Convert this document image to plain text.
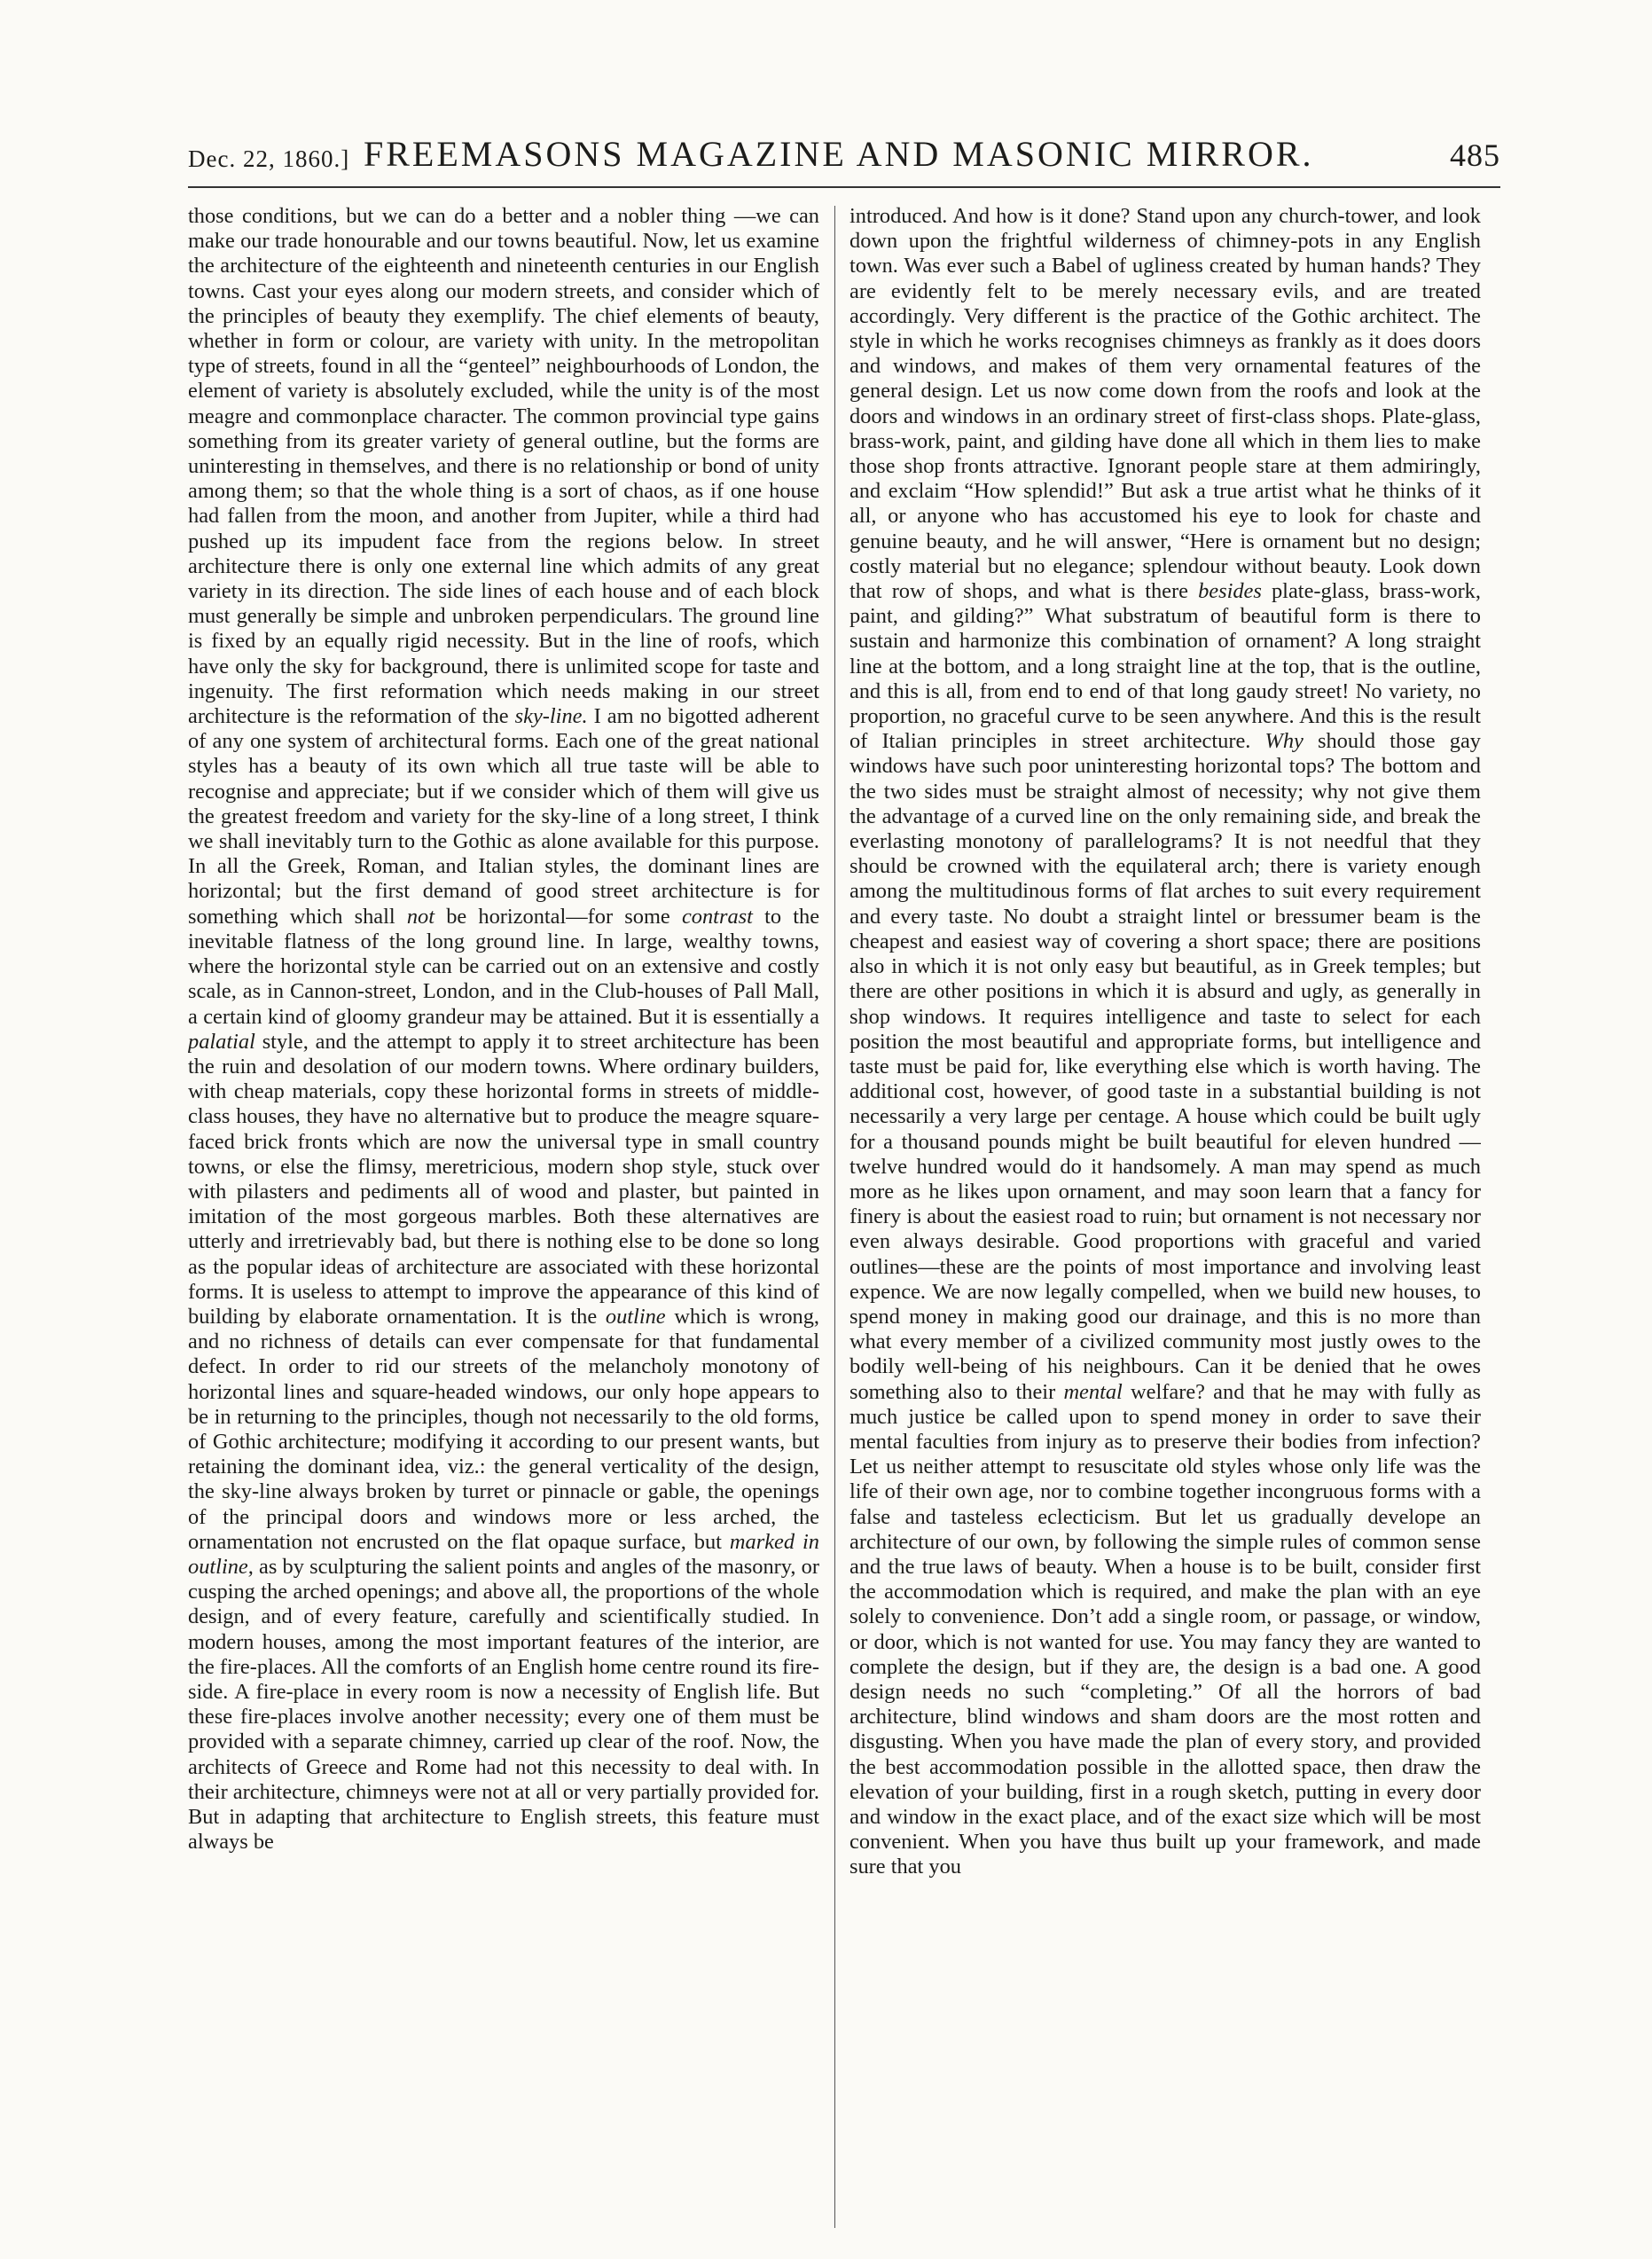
Dec. 22, 1860.] FREEMASONS MAGAZINE AND MASONIC MIRROR.	485

those conditions, but we can do a better and a nobler thing —we can make our trade honourable and our towns beautiful. Now, let us examine the architecture of the eighteenth and nineteenth centuries in our English towns. Cast your eyes along our modern streets, and consider which of the principles of beauty they exemplify. The chief elements of beauty, whether in form or colour, are variety with unity. In the metropolitan type of streets, found in all the “genteel” neighbourhoods of London, the element of variety is absolutely excluded, while the unity is of the most meagre and commonplace character. The common provincial type gains something from its greater variety of general outline, but the forms are uninteresting in themselves, and there is no relationship or bond of unity among them; so that the whole thing is a sort of chaos, as if one house had fallen from the moon, and another from Jupiter, while a third had pushed up its impudent face from the regions below. In street architecture there is only one external line which admits of any great variety in its direction. The side lines of each house and of each block must generally be simple and unbroken perpendiculars. The ground line is fixed by an equally rigid necessity. But in the line of roofs, which have only the sky for background, there is unlimited scope for taste and ingenuity. The first reformation which needs making in our street architecture is the reformation of the sky-line. I am no bigotted adherent of any one system of architectural forms. Each one of the great national styles has a beauty of its own which all true taste will be able to recognise and appreciate; but if we consider which of them will give us the greatest freedom and variety for the sky-line of a long street, I think we shall inevitably turn to the Gothic as alone available for this purpose. In all the Greek, Roman, and Italian styles, the dominant lines are horizontal; but the first demand of good street architecture is for something which shall not be horizontal—for some contrast to the inevitable flatness of the long ground line. In large, wealthy towns, where the horizontal style can be carried out on an extensive and costly scale, as in Cannon-street, London, and in the Club-houses of Pall Mall, a certain kind of gloomy grandeur may be attained. But it is essentially a palatial style, and the attempt to apply it to street architecture has been the ruin and desolation of our modern towns. Where ordinary builders, with cheap materials, copy these horizontal forms in streets of middle-class houses, they have no alternative but to produce the meagre square-faced brick fronts which are now the universal type in small country towns, or else the flimsy, meretricious, modern shop style, stuck over with pilasters and pediments all of wood and plaster, but painted in imitation of the most gorgeous marbles. Both these alternatives are utterly and irretrievably bad, but there is nothing else to be done so long as the popular ideas of architecture are associated with these horizontal forms. It is useless to attempt to improve the appearance of this kind of building by elaborate ornamentation. It is the outline which is wrong, and no richness of details can ever compensate for that fundamental defect. In order to rid our streets of the melancholy monotony of horizontal lines and square-headed windows, our only hope appears to be in returning to the principles, though not necessarily to the old forms, of Gothic architecture; modifying it according to our present wants, but retaining the dominant idea, viz.: the general verticality of the design, the sky-line always broken by turret or pinnacle or gable, the openings of the principal doors and windows more or less arched, the ornamentation not encrusted on the flat opaque surface, but marked in outline, as by sculpturing the salient points and angles of the masonry, or cusping the arched openings; and above all, the proportions of the whole design, and of every feature, carefully and scientifically studied. In modern houses, among the most important features of the interior, are the fire-places. All the comforts of an English home centre round its fire-side. A fire-place in every room is now a necessity of English life. But these fire-places involve another necessity; every one of them must be provided with a separate chimney, carried up clear of the roof. Now, the architects of Greece and Rome had not this necessity to deal with. In their architecture, chimneys were not at all or very partially provided for. But in adapting that architecture to English streets, this feature must always be

introduced. And how is it done? Stand upon any church-tower, and look down upon the frightful wilderness of chimney-pots in any English town. Was ever such a Babel of ugliness created by human hands? They are evidently felt to be merely necessary evils, and are treated accordingly. Very different is the practice of the Gothic architect. The style in which he works recognises chimneys as frankly as it does doors and windows, and makes of them very ornamental features of the general design. Let us now come down from the roofs and look at the doors and windows in an ordinary street of first-class shops. Plate-glass, brass-work, paint, and gilding have done all which in them lies to make those shop fronts attractive. Ignorant people stare at them admiringly, and exclaim “How splendid!” But ask a true artist what he thinks of it all, or anyone who has accustomed his eye to look for chaste and genuine beauty, and he will answer, “Here is ornament but no design; costly material but no elegance; splendour without beauty. Look down that row of shops, and what is there besides plate-glass, brass-work, paint, and gilding?” What substratum of beautiful form is there to sustain and harmonize this combination of ornament? A long straight line at the bottom, and a long straight line at the top, that is the outline, and this is all, from end to end of that long gaudy street! No variety, no proportion, no graceful curve to be seen anywhere. And this is the result of Italian principles in street architecture. Why should those gay windows have such poor uninteresting horizontal tops? The bottom and the two sides must be straight almost of necessity; why not give them the advantage of a curved line on the only remaining side, and break the everlasting monotony of parallelograms? It is not needful that they should be crowned with the equilateral arch; there is variety enough among the multitudinous forms of flat arches to suit every requirement and every taste. No doubt a straight lintel or bressumer beam is the cheapest and easiest way of covering a short space; there are positions also in which it is not only easy but beautiful, as in Greek temples; but there are other positions in which it is absurd and ugly, as generally in shop windows. It requires intelligence and taste to select for each position the most beautiful and appropriate forms, but intelligence and taste must be paid for, like everything else which is worth having. The additional cost, however, of good taste in a substantial building is not necessarily a very large per centage. A house which could be built ugly for a thousand pounds might be built beautiful for eleven hundred —twelve hundred would do it handsomely. A man may spend as much more as he likes upon ornament, and may soon learn that a fancy for finery is about the easiest road to ruin; but ornament is not necessary nor even always desirable. Good proportions with graceful and varied outlines—these are the points of most importance and involving least expence. We are now legally compelled, when we build new houses, to spend money in making good our drainage, and this is no more than what every member of a civilized community most justly owes to the bodily well-being of his neighbours. Can it be denied that he owes something also to their mental welfare? and that he may with fully as much justice be called upon to spend money in order to save their mental faculties from injury as to preserve their bodies from infection? Let us neither attempt to resuscitate old styles whose only life was the life of their own age, nor to combine together incongruous forms with a false and tasteless eclecticism. But let us gradually develope an architecture of our own, by following the simple rules of common sense and the true laws of beauty. When a house is to be built, consider first the accommodation which is required, and make the plan with an eye solely to convenience. Don’t add a single room, or passage, or window, or door, which is not wanted for use. You may fancy they are wanted to complete the design, but if they are, the design is a bad one. A good design needs no such “completing.” Of all the horrors of bad architecture, blind windows and sham doors are the most rotten and disgusting. When you have made the plan of every story, and provided the best accommodation possible in the allotted space, then draw the elevation of your building, first in a rough sketch, putting in every door and window in the exact place, and of the exact size which will be most convenient. When you have thus built up your framework, and made sure that you
